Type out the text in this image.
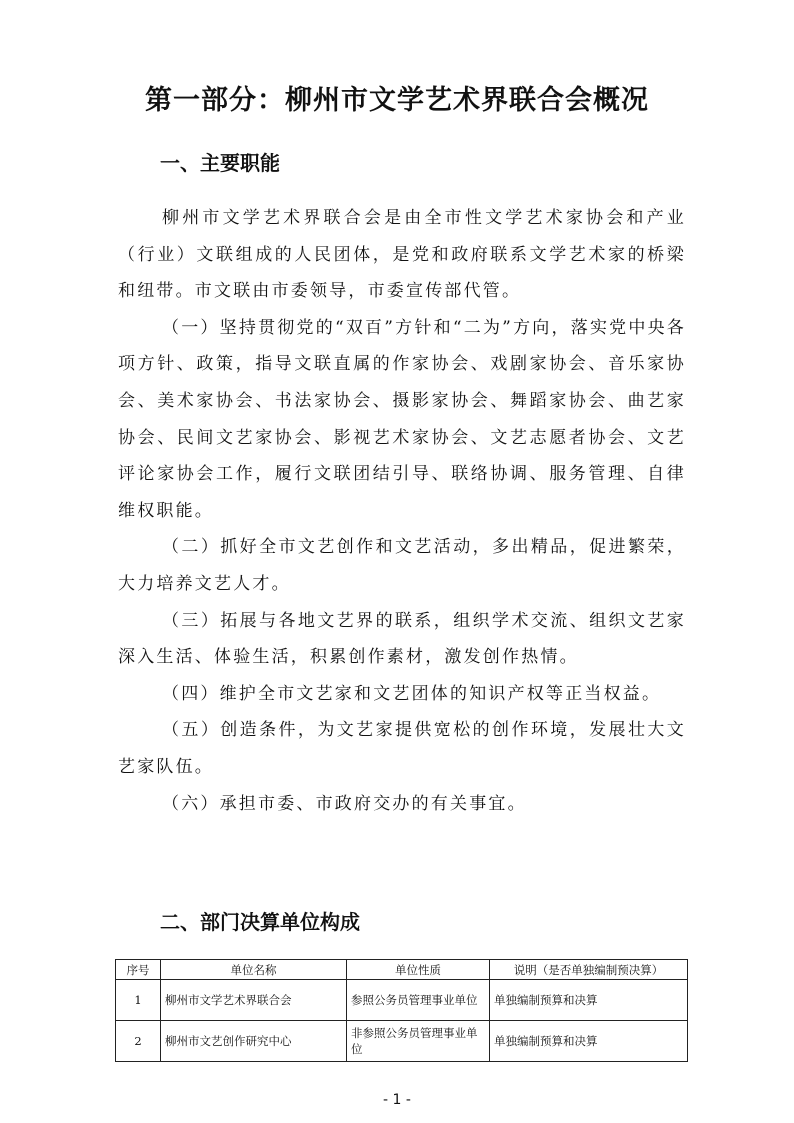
第一部分：柳州市文学艺术界联合会概况
一、主要职能

柳州市文学艺术界联合会是由全市性文学艺术家协会和产业（行业）文联组成的人民团体，是党和政府联系文学艺术家的桥梁和纽带。市文联由市委领导，市委宣传部代管。

（一）坚持贯彻党的“双百”方针和“二为”方向，落实党中央各项方针、政策，指导文联直属的作家协会、戏剧家协会、音乐家协会、美术家协会、书法家协会、摄影家协会、舞蹈家协会、曲艺家协会、民间文艺家协会、影视艺术家协会、文艺志愿者协会、文艺评论家协会工作，履行文联团结引导、联络协调、服务管理、自律维权职能。

（二）抓好全市文艺创作和文艺活动，多出精品，促进繁荣，大力培养文艺人才。

（三）拓展与各地文艺界的联系，组织学术交流、组织文艺家深入生活、体验生活，积累创作素材，激发创作热情。

（四）维护全市文艺家和文艺团体的知识产权等正当权益。

（五）创造条件，为文艺家提供宽松的创作环境，发展壮大文艺家队伍。

（六）承担市委、市政府交办的有关事宜。

二、部门决算单位构成
序号	单位名称	单位性质	说明（是否单独编制预决算）
1	柳州市文学艺术界联合会	参照公务员管理事业单位	单独编制预算和决算
2	柳州市文艺创作研究中心	非参照公务员管理事业单位	单独编制预算和决算
- 1 -
